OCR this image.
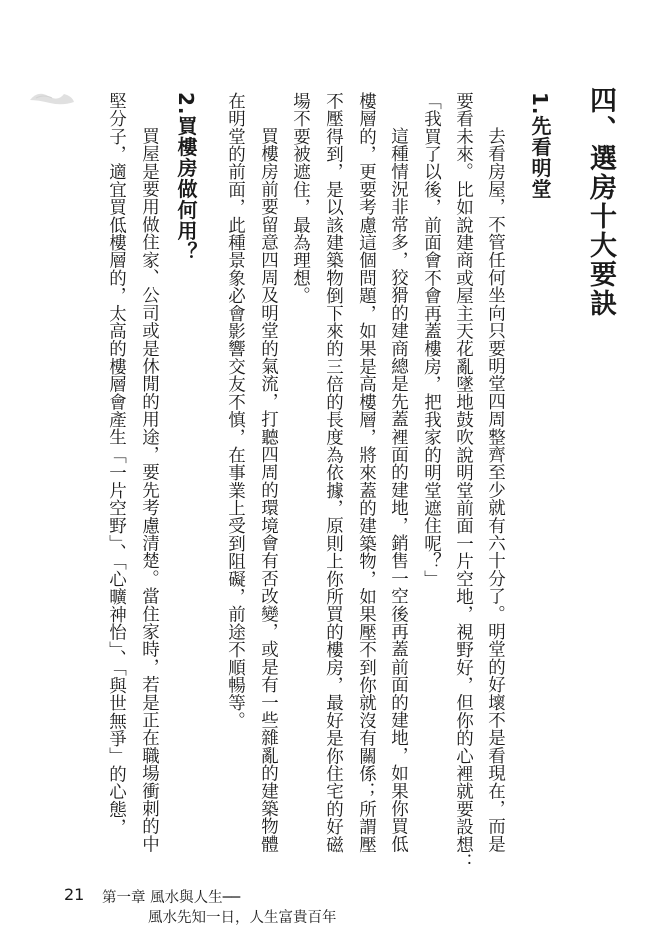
四、選房十大要訣
1.先看明堂
去看房屋，不管任何坐向只要明堂四周整齊至少就有六十分了。明堂的好壞不是看現在，而是
要看未來。比如說建商或屋主天花亂墜地鼓吹說明堂前面一片空地，視野好，但你的心裡就要設想：
「我買了以後，前面會不會再蓋樓房，把我家的明堂遮住呢？」
這種情況非常多，狡猾的建商總是先蓋裡面的建地，銷售一空後再蓋前面的建地，如果你買低
樓層的，更要考慮這個問題，如果是高樓層，將來蓋的建築物，如果壓不到你就沒有關係；所謂壓
不壓得到，是以該建築物倒下來的三倍的長度為依據，原則上你所買的樓房，最好是你住宅的好磁
場不要被遮住，最為理想。
買樓房前要留意四周及明堂的氣流，打聽四周的環境會有否改變，或是有一些雜亂的建築物體
在明堂的前面，此種景象必會影響交友不慎，在事業上受到阻礙，前途不順暢等。
2.買樓房做何用？
買屋是要用做住家、公司或是休閒的用途，要先考慮清楚。當住家時，若是正在職場衝刺的中
堅分子，適宜買低樓層的，太高的樓層會產生「一片空野」、「心曠神怡」、「與世無爭」的心態，
21 第一章 風水與人生──
風水先知一日，人生富貴百年
